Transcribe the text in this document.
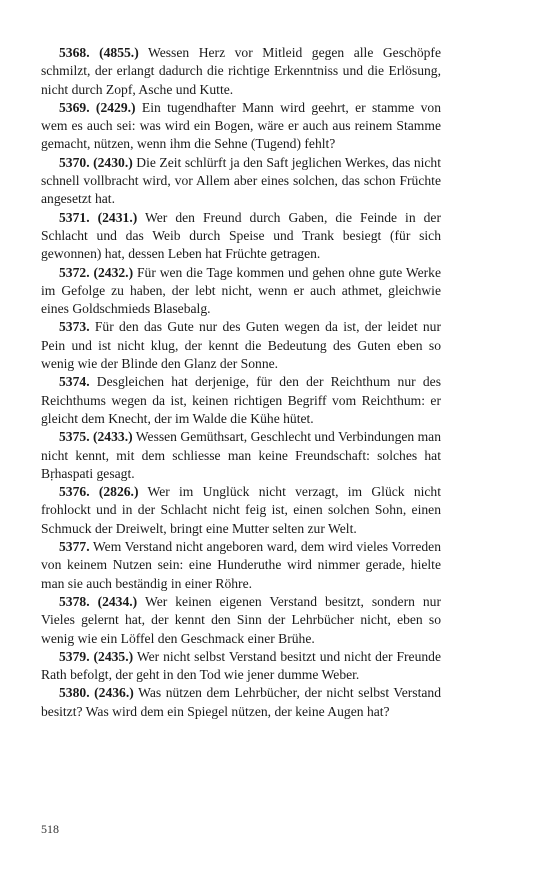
5368. (4855.) Wessen Herz vor Mitleid gegen alle Geschöpfe schmilzt, der erlangt dadurch die richtige Erkenntniss und die Erlösung, nicht durch Zopf, Asche und Kutte.

5369. (2429.) Ein tugendhafter Mann wird geehrt, er stamme von wem es auch sei: was wird ein Bogen, wäre er auch aus reinem Stamme gemacht, nützen, wenn ihm die Sehne (Tugend) fehlt?

5370. (2430.) Die Zeit schlürft ja den Saft jeglichen Werkes, das nicht schnell vollbracht wird, vor Allem aber eines solchen, das schon Früchte angesetzt hat.

5371. (2431.) Wer den Freund durch Gaben, die Feinde in der Schlacht und das Weib durch Speise und Trank besiegt (für sich gewonnen) hat, dessen Leben hat Früchte getragen.

5372. (2432.) Für wen die Tage kommen und gehen ohne gute Werke im Gefolge zu haben, der lebt nicht, wenn er auch athmet, gleichwie eines Goldschmieds Blasebalg.

5373. Für den das Gute nur des Guten wegen da ist, der leidet nur Pein und ist nicht klug, der kennt die Bedeutung des Guten eben so wenig wie der Blinde den Glanz der Sonne.

5374. Desgleichen hat derjenige, für den der Reichthum nur des Reichthums wegen da ist, keinen richtigen Begriff vom Reichthum: er gleicht dem Knecht, der im Walde die Kühe hütet.

5375. (2433.) Wessen Gemüthsart, Geschlecht und Verbindungen man nicht kennt, mit dem schliesse man keine Freundschaft: solches hat Bṛhaspati gesagt.

5376. (2826.) Wer im Unglück nicht verzagt, im Glück nicht frohlockt und in der Schlacht nicht feig ist, einen solchen Sohn, einen Schmuck der Dreiwelt, bringt eine Mutter selten zur Welt.

5377. Wem Verstand nicht angeboren ward, dem wird vieles Vorreden von keinem Nutzen sein: eine Hunderuthe wird nimmer gerade, hielte man sie auch beständig in einer Röhre.

5378. (2434.) Wer keinen eigenen Verstand besitzt, sondern nur Vieles gelernt hat, der kennt den Sinn der Lehrbücher nicht, eben so wenig wie ein Löffel den Geschmack einer Brühe.

5379. (2435.) Wer nicht selbst Verstand besitzt und nicht der Freunde Rath befolgt, der geht in den Tod wie jener dumme Weber.

5380. (2436.) Was nützen dem Lehrbücher, der nicht selbst Verstand besitzt? Was wird dem ein Spiegel nützen, der keine Augen hat?

518
